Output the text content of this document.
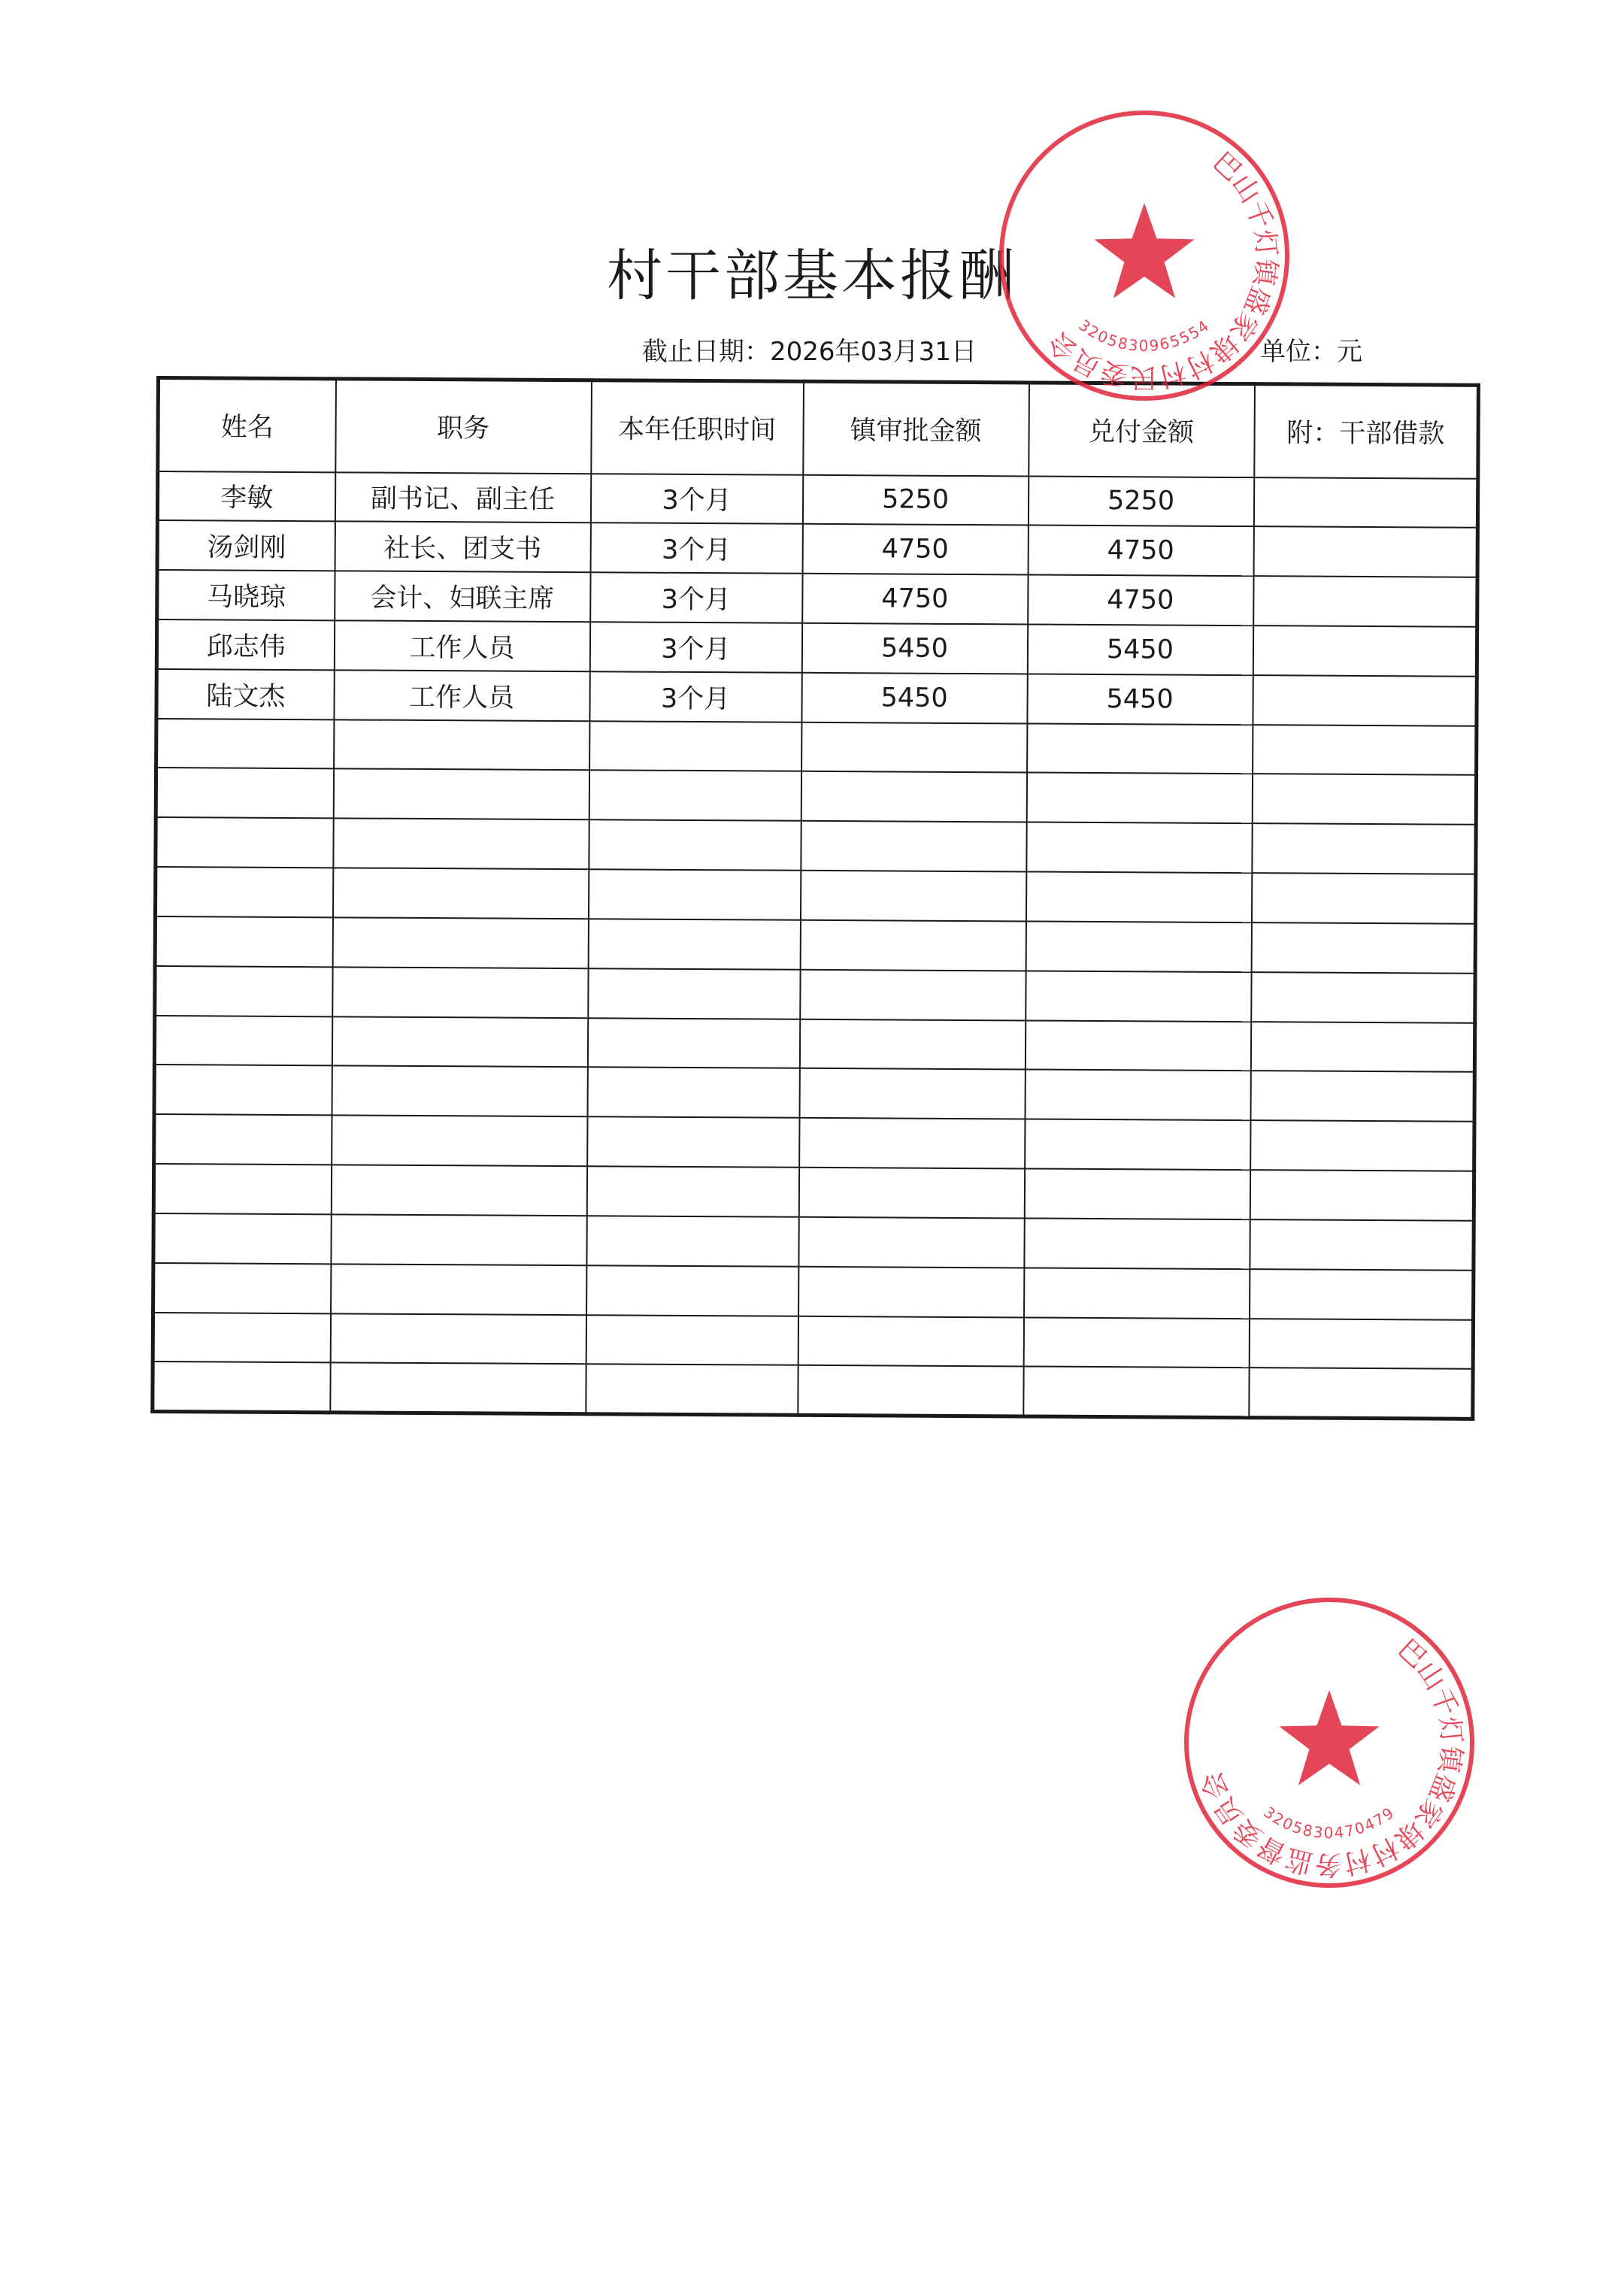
村干部基本报酬
截止日期：2026年03月31日	单位：元
姓名	职务	本年任职时间	镇审批金额	兑付金额	附：干部借款
李敏	副书记、副主任	3个月	5250	5250	
汤剑刚	社长、团支书	3个月	4750	4750	
马晓琼	会计、妇联主席	3个月	4750	4750	
邱志伟	工作人员	3个月	5450	5450	
陆文杰	工作人员	3个月	5450	5450	

巴山千灯镇盛家埭村村民委员会
3205830965554
巴山千灯镇盛家埭村村务监督委员会
3205830470479
